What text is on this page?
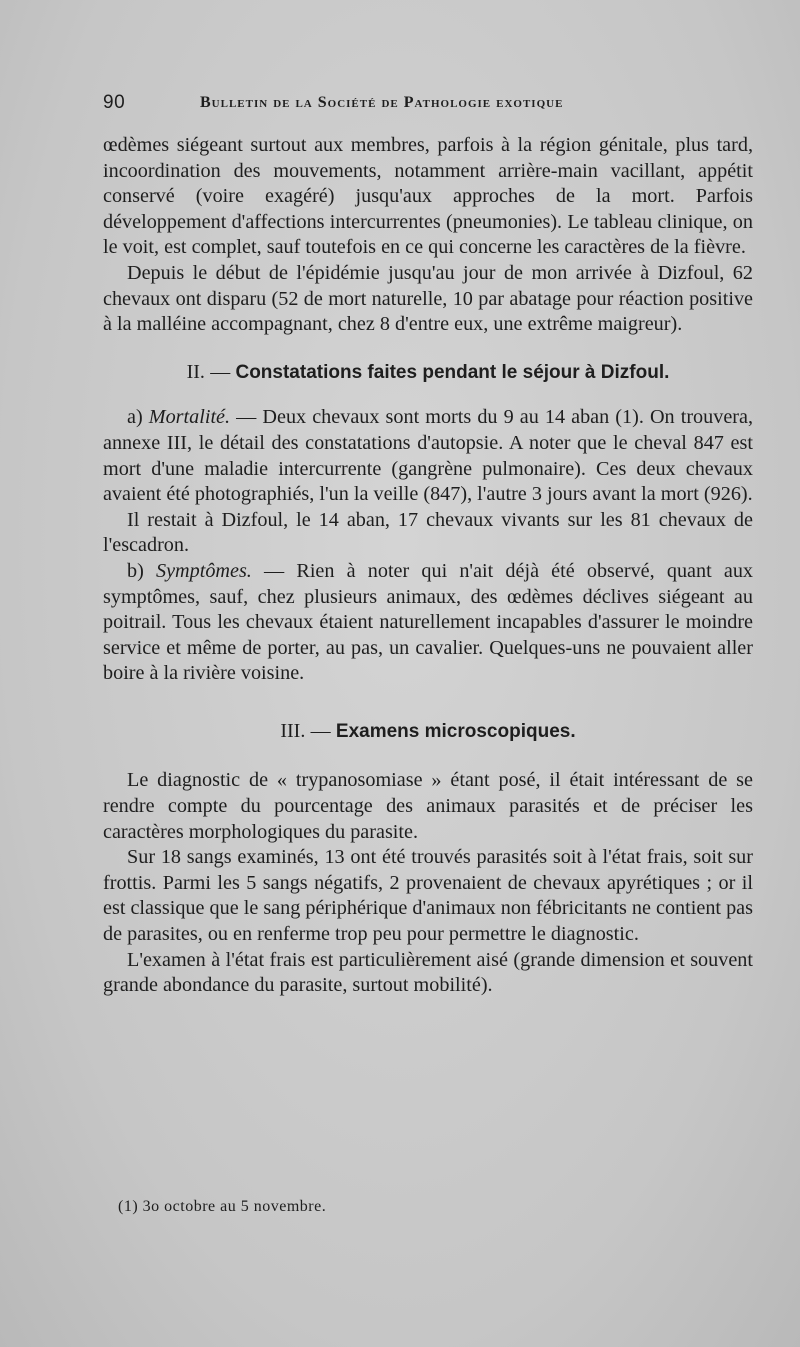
90	Bulletin de la Société de Pathologie exotique

œdèmes siégeant surtout aux membres, parfois à la région génitale, plus tard, incoordination des mouvements, notamment arrière-main vacillant, appétit conservé (voire exagéré) jusqu'aux approches de la mort. Parfois développement d'affections intercurrentes (pneumonies). Le tableau clinique, on le voit, est complet, sauf toutefois en ce qui concerne les caractères de la fièvre.

Depuis le début de l'épidémie jusqu'au jour de mon arrivée à Dizfoul, 62 chevaux ont disparu (52 de mort naturelle, 10 par abatage pour réaction positive à la malléine accompagnant, chez 8 d'entre eux, une extrême maigreur).

II. — Constatations faites pendant le séjour à Dizfoul.

a) Mortalité. — Deux chevaux sont morts du 9 au 14 aban (1). On trouvera, annexe III, le détail des constatations d'autopsie. A noter que le cheval 847 est mort d'une maladie intercurrente (gangrène pulmonaire). Ces deux chevaux avaient été photographiés, l'un la veille (847), l'autre 3 jours avant la mort (926).

Il restait à Dizfoul, le 14 aban, 17 chevaux vivants sur les 81 chevaux de l'escadron.

b) Symptômes. — Rien à noter qui n'ait déjà été observé, quant aux symptômes, sauf, chez plusieurs animaux, des œdèmes déclives siégeant au poitrail. Tous les chevaux étaient naturellement incapables d'assurer le moindre service et même de porter, au pas, un cavalier. Quelques-uns ne pouvaient aller boire à la rivière voisine.

III. — Examens microscopiques.

Le diagnostic de « trypanosomiase » étant posé, il était intéressant de se rendre compte du pourcentage des animaux parasités et de préciser les caractères morphologiques du parasite.

Sur 18 sangs examinés, 13 ont été trouvés parasités soit à l'état frais, soit sur frottis. Parmi les 5 sangs négatifs, 2 provenaient de chevaux apyrétiques ; or il est classique que le sang périphérique d'animaux non fébricitants ne contient pas de parasites, ou en renferme trop peu pour permettre le diagnostic.

L'examen à l'état frais est particulièrement aisé (grande dimension et souvent grande abondance du parasite, surtout mobilité).

(1) 3o octobre au 5 novembre.
